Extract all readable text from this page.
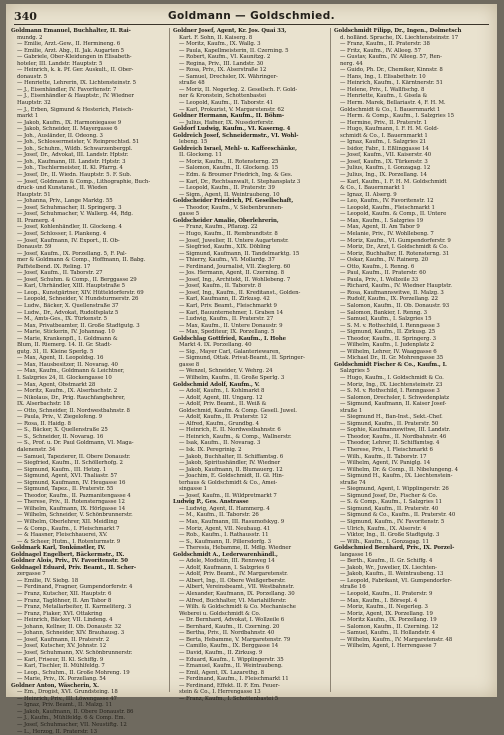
340	Goldmann — Goldschmied.
Goldmann Emanuel, Buchhalter, II. Rai-
mundg. 2
— Emilie, Arzt.-Gew., II. Hermineng. 6
— Emilie, Arzt. Abg., II. Jak. Augarten 5
— Gabriele, Ober-Kleidungen in Elisabeth-
hoteler, III. Landstr. Hauptstr. 5
— Heinrich, k. k. Pf. Ger. Auskult., II. Ober-
donaustr. 5
— Henriette, Lehrerin, IX. Lichtensteinstr. 5
— J., Eisenhändler, IV. Favoritenstr. 7
— J., Eisenhändler & Hauptstr., IV. Wiedner
Hauptstr. 32
— J., Erben, Sigmund & Hesterich, Fleisch-
markt 1
— Jakob, Kaufm., IX. Harmoniegasse 9
— Jakob, Schneider, II. Mayergasse 6
— Joh., Ausländer, II. Odeong. 3
— Joh., Schlossermeister, V. Reinprechtsd. 51
— Joh., Schuhm., Wildb. Schwarzenbergpl.
— Josef, Dr., Advokat, III. Landstr. Hptstr.
— Joh., Kaufmann, III. Landstr. Hptstr. 3
— Joh., Tischlermeister, II. Kl. Pfarrg. 4
— Josef, Dr., II. Wiedn. Hauptstr. 5. F. Sub.
— Josef, Goldmann & Comp., Lithographie, Buch-
druck- und Kunstanst., II. Wieden
Hauptstr. 51
— Johanna, Priv., Lange Marktg. 55
— Josef, Schuhmacher, II. Springerg. 3
— Josef, Schuhmacher, V. Wallerg. 44, Rdg.
II. Pramerg. 4
— Josef, Kohlenhändler, II. Glockeng. 4
— Josef, Schlosser, I. Plankeng. 4
— Josef, Kaufmann, IV. Export., II. Ob-
Donaustr. 59
— Josef, Kaufm., IX. Porzellang. 5, F. Pal-
mer & Goldmann & Comp., Hoffmann, II. Babg.
Paffstelbend. IX. Reling. 17
— Josef, Kaufm., II. Taborstr. 27
— Josef, Schuhm. & Comp., II. Berggasse 29
— Karl, Uhrhändler, XIII. Hauptstraße 5
— Leop., Kunstgärtner, XIV. Hütteldorferstr. 69
— Leopold, Schneider, V. Hundsturmerstr. 26
— Ludw., Bäcker, X. Quellenstraße 37
— Ludw., Dr., Advokat, Rudolfsplatz 5
— M., Amts-Ges., IX. Türkenstr. 5
— Max, Privatbeamter, II. Große Stadtgutg. 3
— Marie, Stickerin, IV. Johannag. 10
— Marie, Krankenpfl., I. Goldmann &
Blum, II. Riemerg. 14. II. Gr. Stadt-
gutg. 31, II. Kleine Sperlg. 5
— Max, Agent, II. Leopoldsg. 16
— Max, Hausbesitzer, II. Novarag. 40
— Max, Kaufm., Goldmann & Leichtner,
I. Salzgries 24, II. Glockengasse 10
— Max, Agent, Obstmarkt 28
— Moritz, Kaufm., IX. Alserbachstr. 2
— Nikolaus, Dr., Prig. Rauchfanghehrer,
IX. Alserbachstr. 18
— Otto, Schneider, II. Nordwestbahnstr. 8
— Paula, Priv., V. Ziegelofeng. 9
— Rosa, II. Haidg. 8
— S., Bäcker, X. Quellenstraße 25
— S., Schneider, II. Novarag. 16
— S., Prof. u. Dr. Paul Goldmann, VI. Maga-
dalenenstr. 34
— Samuel, Tapezierer, II. Obere Donaustr.
— Siegfried, Kaufm., II. Schöllerhofg. 2
— Sigmund, Kaufm., III. Hetzg. 1
— Sigmund, Agent, XVI. Thaliastr. 57
— Sigmund, Kaufmann, IV. Heugasse 16
— Sigmund, Tapez., II. Praterstr. 55
— Theodor, Kaufm., II. Pazmanitengasse 4
— Therese, Priv., II. Rotensterngasse 12
— Wilhelm, Kaufmann, IX. Hörlgasse 14
— Wilhelm, Schneider, V. Schönbrunnerstr.
— Wilhelm, Oberlehrer, XII. Meidling
— & Comp., Kaufm., I. Fleischmarkt 7
— & Haasner, Fleischhauerei, XV.
— & Scheer, Hutm., I. Rotenturmstr. 9
Goldmark Karl, Tonkünstler, IV.
Goldnagel Engelbert, Bäckermstr., IX.
Goldner Alois, Priv., IV. Favoritenstr. 50
Goldnagel Eduard, Priv. Beamt., II. Scher-
zergasse 7
— Emilie, IV. Siebg. 18
— Ferdinand, Fragner, Gumpendorferstr. 4
— Franz, Kutscher, XII. Hauptstr. 6
— Franz, Taglöhner, II. Am Tabor 8
— Franz, Metallarbeiter, II. Karmeliterg. 3
— Franz, Fiaker, XVI. Ottakring
— Heinrich, Bäcker, VII. Lindeng. 4
— Johann, Kellner, II. Ob. Donaustr. 32
— Johann, Schneider, XIV. Brauhausg. 3
— Josef, Kaufmann, II. Praterstr. 2
— Josef, Kutscher, XV. Johnstr. 12
— Josef, Schuhmann, XV. Schönbrunnerstr.
— Karl, Friseur, II. Kl. Schiffg. 9
— Karl, Tischler, II. Mühlfeldg. 7
— Leop., Schuhm., II. Große Mohreng. 19
— Marie, Priv., IX. Porzellang. 54
Goldner Anton, Wäscherin, X.
— Em., Drogist, XVI. Grundsteing. 18
— Heinrich, Priv., III. Löwengasse 47
— Ignaz, Priv. Beamt., II. Malzg. 11
— Jakob, Kaufmann, II. Obere Donaustr. 86
— J., Kaufm., Mühlfeldg. 6 & Comp. Em.
— Josef, Schuhmacher, VII. Neustiftg. 12
— L., Herzog, II. Praterstr. 13
Goldner Josef, Agent, Kr. Jos. Quai 33,
Kart. F. Sohn, II. Kaiserg. 8
— Moritz, Kaufm., IX. Wallg. 3
— Paula, Kapellmeisterin, II. Czerning. 5
— Robert, Kaufm., VI. Kaunitzg. 2
— Regina, Priv., III. Landstr. 30
— Rosa, Priv., IX. Alserstraße 12
— Samuel, Drechsler, IX. Währinger-
straße 48
— Moriz, II. Negerleg. 2. Gesellsch. F. Gold-
ner & Kronstein, Schottenbastei
— Leopold, Kaufm., II. Taborstr. 41
— Karl, Prokurist, V. Margaretenstr. 62
Goldner Hermann, Kaufm., II. Böhm-
— Julius, Hafner, IX. Nussdorferstr.
Goldorf Ludwig, Kaufm., VI. Kaserng. 4
Goldreich Josef, Schneidermstr., VI. Wohl-
lebeng. 15
Goldreich Israel, Mehl- u. Kaffeeschänke,
II. Glockeng. 11
— Moriz, Kaufm., II. Rotensterng. 25
— Salomon, Kaufm., II. Glockeng. 15
— Edm. & Broumer Friedrich, Ing. & Ges.
— Karl, Dr., Rechtsanwalt, I. Stephansplatz 3
— Leopold, Kaufm., II. Praterstr. 39
— Sigm., Agent, II. Weintraubeng. 10
Goldscheider Friedrich, Pf. Gesellschaft,
— Theodor, Kaufm., V. Siebenbrunnen-
gasse 5
Goldscheider Amalie, Oberlehrerin,
— Franz, Kaufm., Pflanzg. 22
— Hugo, Kaufm., II. Rembrandtstr. 8
— Josef, Juwelier, II. Untere Augartenstr.
— Siegfried, Kaufm., XIX. Döbling
— Sigmund, Kaufmann, II. Tandelmarktg. 15
— Thierry, Kaufm., VI. Mollardg. 37
— Ferdinand, Journalist, VII. Zieglerg. 60
— Jos. Hermann, Agent, II. Czerning. 8
— Josef, Ing., Architekt, II. Wohllebeng. 7
— Josef, Kaufm., II. Taborstr. 8
— Josef, Ing., Kaufm., II. Kreditanst., Golden-
— Karl, Kaufmann, II. Zirkusg. 42
— Karl, Priv. Beamt., Fleischmarkt 9
— Karl, Bauunternehmer, I. Graben 14
— Ludwig, Kaufm., II. Praterstr. 27
— Max, Kaufm., II. Untere Donaustr. 9
— Max, Spediteur, IX. Porzellang. 5
Goldschlag Gottfried, Kaufm., I. Hohe
Markt 4. IX. Porzellang. 40
— Sig., Mayer Carl, Galanteriewaren,
— Sigmund, Ottak. Privat-Beamt., II. Springer-
gasse 8
— Wenzel, Schneider, V. Wehrg. 24
— Wilhelm, Kaufm., II. Große Sperlg. 3
Goldschmid Adolf, Kaufm., V.
— Adolf, Kaufm., I. Kohlmarkt 8
— Adolf, Agent, III. Ungarg. 12
— Adolf, Priv. Beamt., II. Weiß &
Goldschmid, Kaufm. & Comp. Gesell. Juwel.
— Adolf, Kaufm., II. Praterstr. 12
— Alfred, Kaufm., Grundbg. 4
— Heinrich, E. II. Nordwestbahnstr. 6
— Heinrich, Kaufm., & Comp., Wallnerstr.
— Isak, Kaufm., II. Novarag. 3
— Isk. IX. Peregrinig. 2
— Jakob, Buchhalter, II. Schiffamtsg. 6
— Jakob, Spiritushändler, IV. Wiedner
— Jakob, Kaufmann, II. Blumauerg. 12
— Joachim, E. Goldschmidt, II. Gl. Hin-
terhaus & Goldschmidt & Co., Amei-
singasse 1
— Josef, Kaufm., II. Wildpretmarkt 7
Ludwig P., Ges. Anstrasse
— Ludwig, Agent, II. Hammerg. 4
— M., Kaufm., II. Taborstr. 26
— Max, Kaufmann, III. Rasumofskyg. 9
— Moriz, Agent, VII. Neubaug. 41
— Rob., Kaufm., I. Rathausstr. 11
— S., Kaufmann, II. Pillersdorfg. 3
— Theresia, Hebamme, II. Mdlg. Wiedner
Goldschmidt A., Lederwarenhändl.,
— Adele, Modistin, III. Rennweg 14
— Adolf, Kaufmann, I. Salzgries 6
— Adolf, Priv. Beamt., IV. Margaretenstr.
— Albert, Ing., II. Obere Weißgerberstr.
— Albert, Vereinsbeamt., VII. Westbahnstr.
— Alexander, Kaufmann, IX. Porzellang. 30
— Alfred, Buchhalter, VI. Mariahilferstr.
— Wilh. & Goldschmidt & Co. Mechanische
Weberei u. Goldschmidt & Co.
— Dr. Bernhard, Advokat, I. Wollzeile 6
— Bernhard, Kaufm., II. Czerning. 20
— Bertha, Priv., II. Nordbahnstr. 40
— Berta, Hebamme, V. Margaretenstr. 79
— Camillo, Kaufm., IX. Berggasse 14
— David, Kaufm., II. Zirkusg. 9
— Eduard, Kaufm., I. Wipplingerstr. 35
— Emanuel, Kaufm., II. Weintraubeng.
— Emil, Agent, IX. Lazarethg. 8
— Ferdinand, Kaufm., I. Fleischmarkt 11
— Ferdinand, Effekt. II. F. Em. Feuer-
stein & Co., I. Herrengasse 13
— Franz, Kaufm., I. Schottenbastei 5
Goldschmidt Filipp, Dr., Ingen., Dolmetsch
d. holländ. Sprache, IX. Liechtensteinstr. 17
— Franz, Kaufm., II. Praterstr. 38
— Fritz, Kaufm., IV. Alleeg. 57
— Gustav, Kaufm., IV. Alleeg. 57, Ren-
nerg. 44
— Guido, Ph. Dr., Chemiker, Kinnstr. 8
— Hans, Ing., I. Elisabethstr. 10
— Heinrich, Kaufm., I. Kärntnerstr. 51
— Helene, Priv., I. Wallfischg. 8
— Henriette, Kaufm., I. Gisela &
— Herm. Marek, Bellariastr. 4, F. H. M.
Goldschmidt & Co., I. Bauernmarkt 1
— Herm. & Comp., Kaufm., I. Salzgries 15
— Hermine, Priv., II. Praterstr. 1
— Hugo, Kaufmann, I. F. H. M. Gold-
schmidt & Co., I. Bauernmarkt 1
— Ignaz, Kaufm., I. Salzgries 21
— Isidor, Fabr., I. Eßlinggasse 14
— Josef, Kaufm., VII. Kaiserstr. 40
— Josef, Kaufm., IX. Türkenstr. 3
— Julius, Kaufm., I. Gonzagag. 12
— Julius, Ing., IX. Porzellang. 14
— Karl, Kaufm., I. F. H. M. Goldschmidt
& Co., I. Bauernmarkt 1
— Ignaz, II. Alserg. 9
— Leo, Kaufm., IV. Favoritenstr. 12
— Leopold, Kaufm., Fleischmarkt 1
— Leopold, Kaufm. & Comp., II. Untere
— Max, Kaufm., I. Salzgries 19
— Max, Agent, II. Am Tabor 9
— Melanie, Priv., IV. Wohllebeng. 7
— Moriz, Kaufm., VI. Gumpendorferstr. 9
— Moriz, Dr., Arzt, I. Goldschmidt & Co.
— Moriz, Buchhalter, II. Rotensterng. 31
— Oskar, Kaufm., IV. Rainerg. 20
— Otto, Kaufm., I. Renng. 6
— Paul, Kaufm., II. Praterstr. 60
— Paula, Priv., I. Wollzeile 33
— Richard, Kaufm., IV. Wiedner Hauptstr.
— Rosa, Kaufmannswitwe, II. Malzg. 3
— Rudolf, Kaufm., IX. Porzellang. 22
— Salomon, Kaufm., II. Ob. Donaustr. 93
— Salomon, Bankier, I. Renng. 3
— Samuel, Kaufm., I. Salzgries 15
— S. M. v. Rothschild, I. Renngasse 3
— Sigmund, Kaufm., II. Zirkusg. 25
— Theodor, Kaufm., II. Springerg. 3
— Wilhelm, Kaufm., I. Judenplatz 2
— Wilhelm, Lehrer, IV. Waaggasse 6
— Michael Dr., II. Gr. Mohrengasse 35
Goldschmidt Fischer & Co., Kaufm., I.
Salzgries 5
— Hugo, Kaufm., I. Goldschmidt & Co.
— Moriz, Ing., IX. Liechtensteinstr. 23
— S. M. v. Rothschild, I. Renngasse 3
— Salomon, Drechsler, I. Schwedenplatz
— Sigmund, Kaufmann, II. Kaiser Josef-
straße 1
— Siegmund H., Ban-Inst., Sekt.-Chef.
— Sigmund, Kaufm., II. Praterstr. 50
— Sophie, Kaufmannswitwe, III. Landstr.
— Theodor, Kaufm., II. Nordbahnstr. 46
— Theodor, Lehrer, II. Schiffamtsg. 4
— Therese, Priv., I. Fleischmarkt 6
— Wilh., Kaufm., II. Taborstr. 17
— Wilhelm, Agent, IV. Paniglg. 14
— Wilhelm, Dr. & Comp., II. Nibelungeng. 4
— Sigmund H., Kaufm., IX. Liechtenstein-
straße 74
— Siegmund, Agent, I. Wipplingerstr. 26
— Sigmund Josef, Dr., Fischer & Co.
— S. & Comp., Kaufm., I. Salzgries 11
— Sigmund, Kaufm., II. Praterstr. 40
— Sigmund & Co., Kaufm., II. Praterstr. 40
— Sigmund, Kaufm., IV. Favoritenstr. 5
— Ulrich, Kaufm., IX. Alserstr. 4
— Viktor, Ing., II. Große Stadtgutg. 3
— Wilh., Kaufm., I. Gonzagag. 11
Goldschmied Bernhard, Priv., IX. Porzel-
langasse 16
— Berth., Kaufm., II. Gr. Schiffg. 4
— Jakob, Wr., Juwelier, IX. Liechten-
— Jakob, Kaufm., II. Weintraubeng. 13
— Leopold, Fabrikant, VI. Gumpendorfer-
straße 16
— Leopold, Kaufm., II. Praterstr. 9
— Max, Kaufm., I. Börsepl. 4
— Moriz, Kaufm., II. Negerleg. 3
— Moriz, Agent, IX. Porzellang. 19
— Moritz Kaufm., IX. Porzellang. 19
— Salomon, Kaufm., II. Czerning. 12
— Samuel, Kaufm., II. Hollandstr. 4
— Wilhelm, Kaufm., IV. Margaretenstr. 48
— Wilhelm, Agent, I. Herrengasse 7
